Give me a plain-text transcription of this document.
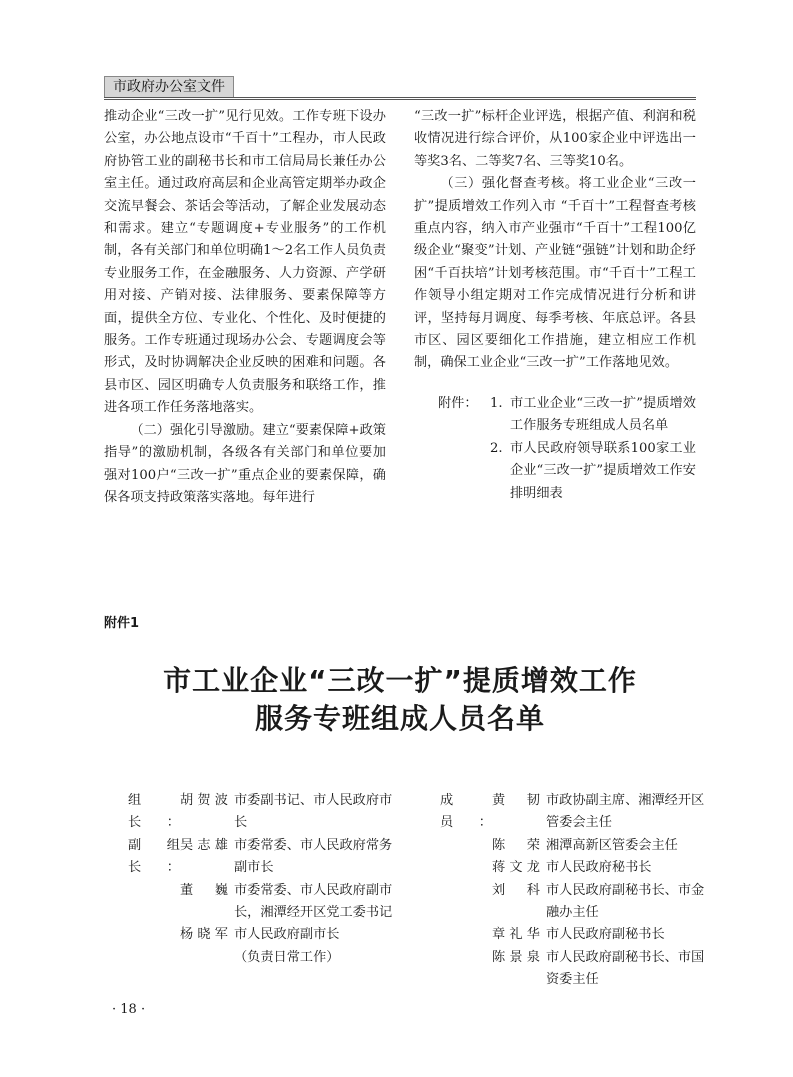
市政府办公室文件

推动企业“三改一扩”见行见效。工作专班下设办公室，办公地点设市“千百十”工程办，市人民政府协管工业的副秘书长和市工信局局长兼任办公室主任。通过政府高层和企业高管定期举办政企交流早餐会、茶话会等活动，了解企业发展动态和需求。建立“专题调度+专业服务”的工作机制，各有关部门和单位明确1～2名工作人员负责专业服务工作，在金融服务、人力资源、产学研用对接、产销对接、法律服务、要素保障等方面，提供全方位、专业化、个性化、及时便捷的服务。工作专班通过现场办公会、专题调度会等形式，及时协调解决企业反映的困难和问题。各县市区、园区明确专人负责服务和联络工作，推进各项工作任务落地落实。

（二）强化引导激励。建立“要素保障+政策指导”的激励机制，各级各有关部门和单位要加强对100户“三改一扩”重点企业的要素保障，确保各项支持政策落实落地。每年进行

“三改一扩”标杆企业评选，根据产值、利润和税收情况进行综合评价，从100家企业中评选出一等奖3名、二等奖7名、三等奖10名。

（三）强化督查考核。将工业企业“三改一扩”提质增效工作列入市 “千百十”工程督查考核重点内容，纳入市产业强市“千百十”工程100亿级企业“聚变”计划、产业链“强链”计划和助企纾困“千百扶培”计划考核范围。市“千百十”工程工作领导小组定期对工作完成情况进行分析和讲评，坚持每月调度、每季考核、年底总评。各县市区、园区要细化工作措施，建立相应工作机制，确保工业企业“三改一扩”工作落地见效。

附件： 1. 市工业企业“三改一扩”提质增效工作服务专班组成人员名单
2. 市人民政府领导联系100家工业企业“三改一扩”提质增效工作安排明细表
附件1
市工业企业“三改一扩”提质增效工作
服务专班组成人员名单
组　长：
胡贺波 市委副书记、市人民政府市长
副组长：
吴志雄 市委常委、市人民政府常务副市长
董　巍 市委常委、市人民政府副市长，湘潭经开区党工委书记
杨晓军 市人民政府副市长
（负责日常工作）
成　员：
黄　韧 市政协副主席、湘潭经开区管委会主任
陈　荣 湘潭高新区管委会主任
蒋文龙 市人民政府秘书长
刘　科 市人民政府副秘书长、市金融办主任
章礼华 市人民政府副秘书长
陈景泉 市人民政府副秘书长、市国资委主任
· 18 ·
